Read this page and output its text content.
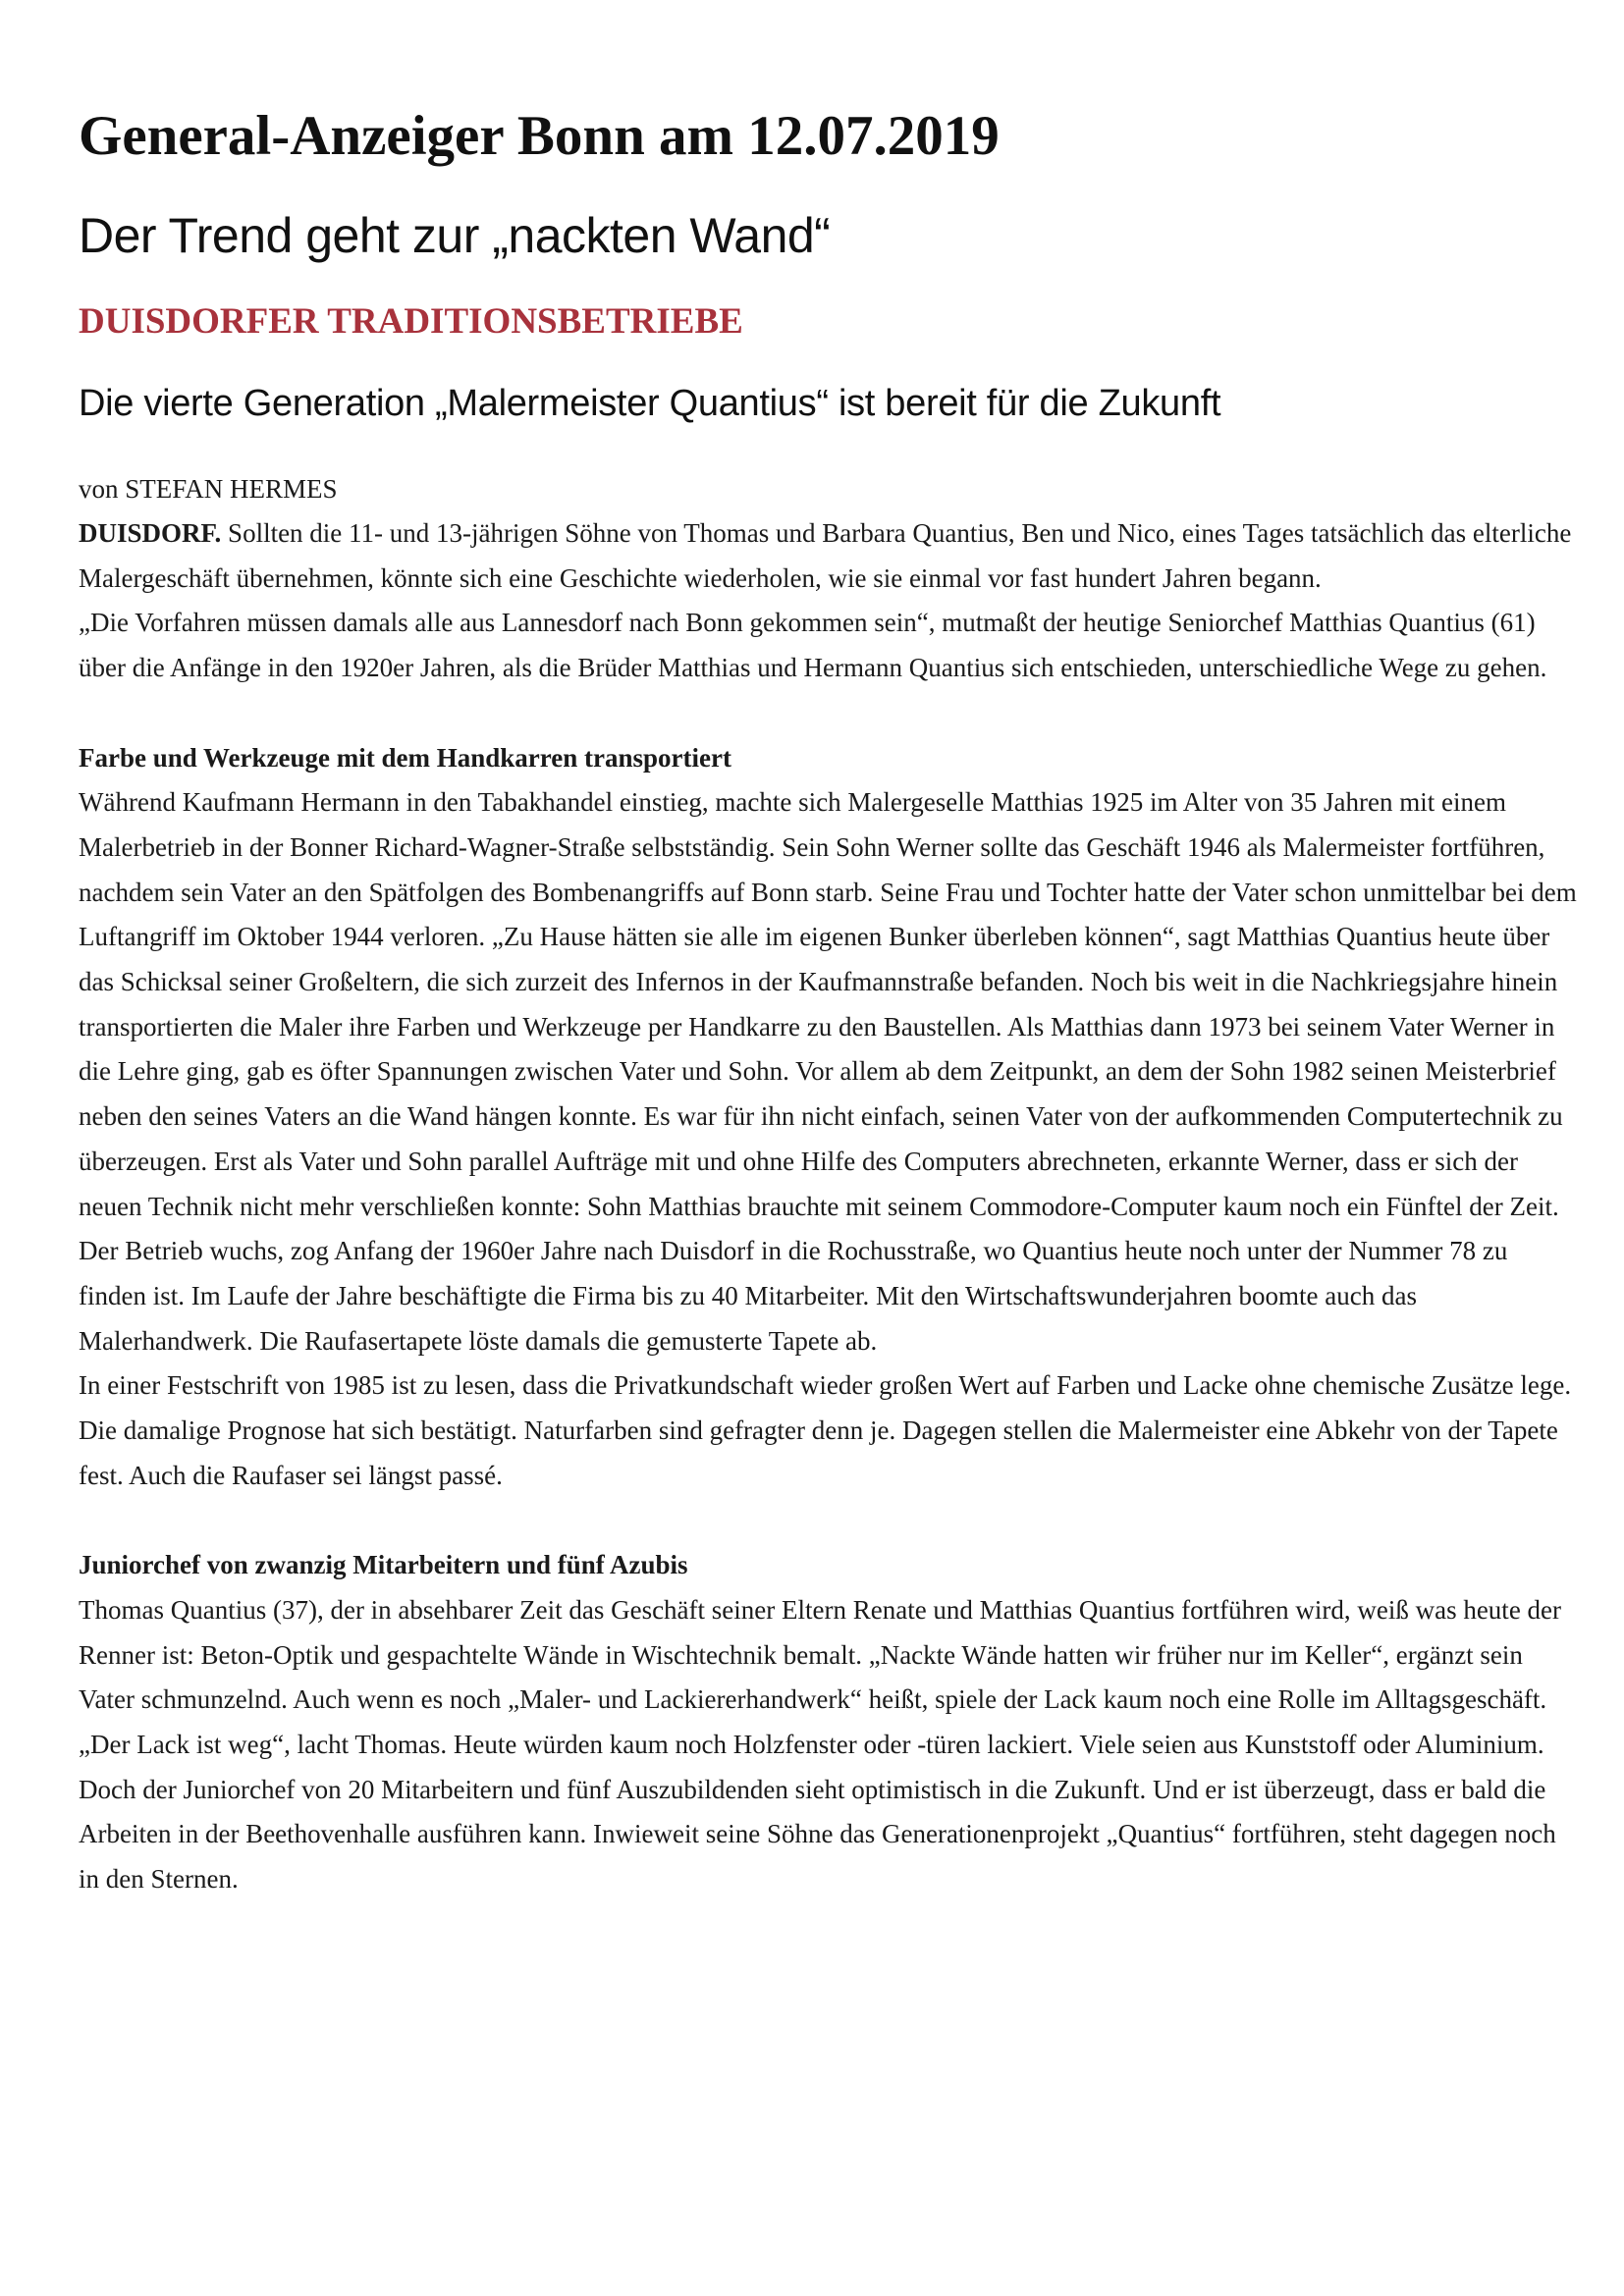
General-Anzeiger Bonn am 12.07.2019
Der Trend geht zur „nackten Wand“
DUISDORFER TRADITIONSBETRIEBE
Die vierte Generation „Malermeister Quantius“ ist bereit für die Zukunft
von STEFAN HERMES

DUISDORF. Sollten die 11- und 13-jährigen Söhne von Thomas und Barbara Quantius, Ben und Nico, eines Tages tatsächlich das elterliche Malergeschäft übernehmen, könnte sich eine Geschichte wiederholen, wie sie einmal vor fast hundert Jahren begann.

„Die Vorfahren müssen damals alle aus Lannesdorf nach Bonn gekommen sein“, mutmaßt der heutige Seniorchef Matthias Quantius (61) über die Anfänge in den 1920er Jahren, als die Brüder Matthias und Hermann Quantius sich entschieden, unterschiedliche Wege zu gehen.

Farbe und Werkzeuge mit dem Handkarren transportiert

Während Kaufmann Hermann in den Tabakhandel einstieg, machte sich Malergeselle Matthias 1925 im Alter von 35 Jahren mit einem Malerbetrieb in der Bonner Richard-Wagner-Straße selbstständig. Sein Sohn Werner sollte das Geschäft 1946 als Malermeister fortführen, nachdem sein Vater an den Spätfolgen des Bombenangriffs auf Bonn starb. Seine Frau und Tochter hatte der Vater schon unmittelbar bei dem Luftangriff im Oktober 1944 verloren. „Zu Hause hätten sie alle im eigenen Bunker überleben können“, sagt Matthias Quantius heute über das Schicksal seiner Großeltern, die sich zurzeit des Infernos in der Kaufmannstraße befanden. Noch bis weit in die Nachkriegsjahre hinein transportierten die Maler ihre Farben und Werkzeuge per Handkarre zu den Baustellen. Als Matthias dann 1973 bei seinem Vater Werner in die Lehre ging, gab es öfter Spannungen zwischen Vater und Sohn. Vor allem ab dem Zeitpunkt, an dem der Sohn 1982 seinen Meisterbrief neben den seines Vaters an die Wand hängen konnte. Es war für ihn nicht einfach, seinen Vater von der aufkommenden Computertechnik zu überzeugen. Erst als Vater und Sohn parallel Aufträge mit und ohne Hilfe des Computers abrechneten, erkannte Werner, dass er sich der neuen Technik nicht mehr verschließen konnte: Sohn Matthias brauchte mit seinem Commodore-Computer kaum noch ein Fünftel der Zeit.

Der Betrieb wuchs, zog Anfang der 1960er Jahre nach Duisdorf in die Rochusstraße, wo Quantius heute noch unter der Nummer 78 zu finden ist. Im Laufe der Jahre beschäftigte die Firma bis zu 40 Mitarbeiter. Mit den Wirtschaftswunderjahren boomte auch das Malerhandwerk. Die Raufasertapete löste damals die gemusterte Tapete ab.

In einer Festschrift von 1985 ist zu lesen, dass die Privatkundschaft wieder großen Wert auf Farben und Lacke ohne chemische Zusätze lege. Die damalige Prognose hat sich bestätigt. Naturfarben sind gefragter denn je. Dagegen stellen die Malermeister eine Abkehr von der Tapete fest. Auch die Raufaser sei längst passé.

Juniorchef von zwanzig Mitarbeitern und fünf Azubis

Thomas Quantius (37), der in absehbarer Zeit das Geschäft seiner Eltern Renate und Matthias Quantius fortführen wird, weiß was heute der Renner ist: Beton-Optik und gespachtelte Wände in Wischtechnik bemalt. „Nackte Wände hatten wir früher nur im Keller“, ergänzt sein Vater schmunzelnd. Auch wenn es noch „Maler- und Lackiererhandwerk“ heißt, spiele der Lack kaum noch eine Rolle im Alltagsgeschäft. „Der Lack ist weg“, lacht Thomas. Heute würden kaum noch Holzfenster oder -türen lackiert. Viele seien aus Kunststoff oder Aluminium. Doch der Juniorchef von 20 Mitarbeitern und fünf Auszubildenden sieht optimistisch in die Zukunft. Und er ist überzeugt, dass er bald die Arbeiten in der Beethovenhalle ausführen kann. Inwieweit seine Söhne das Generationenprojekt „Quantius“ fortführen, steht dagegen noch in den Sternen.
